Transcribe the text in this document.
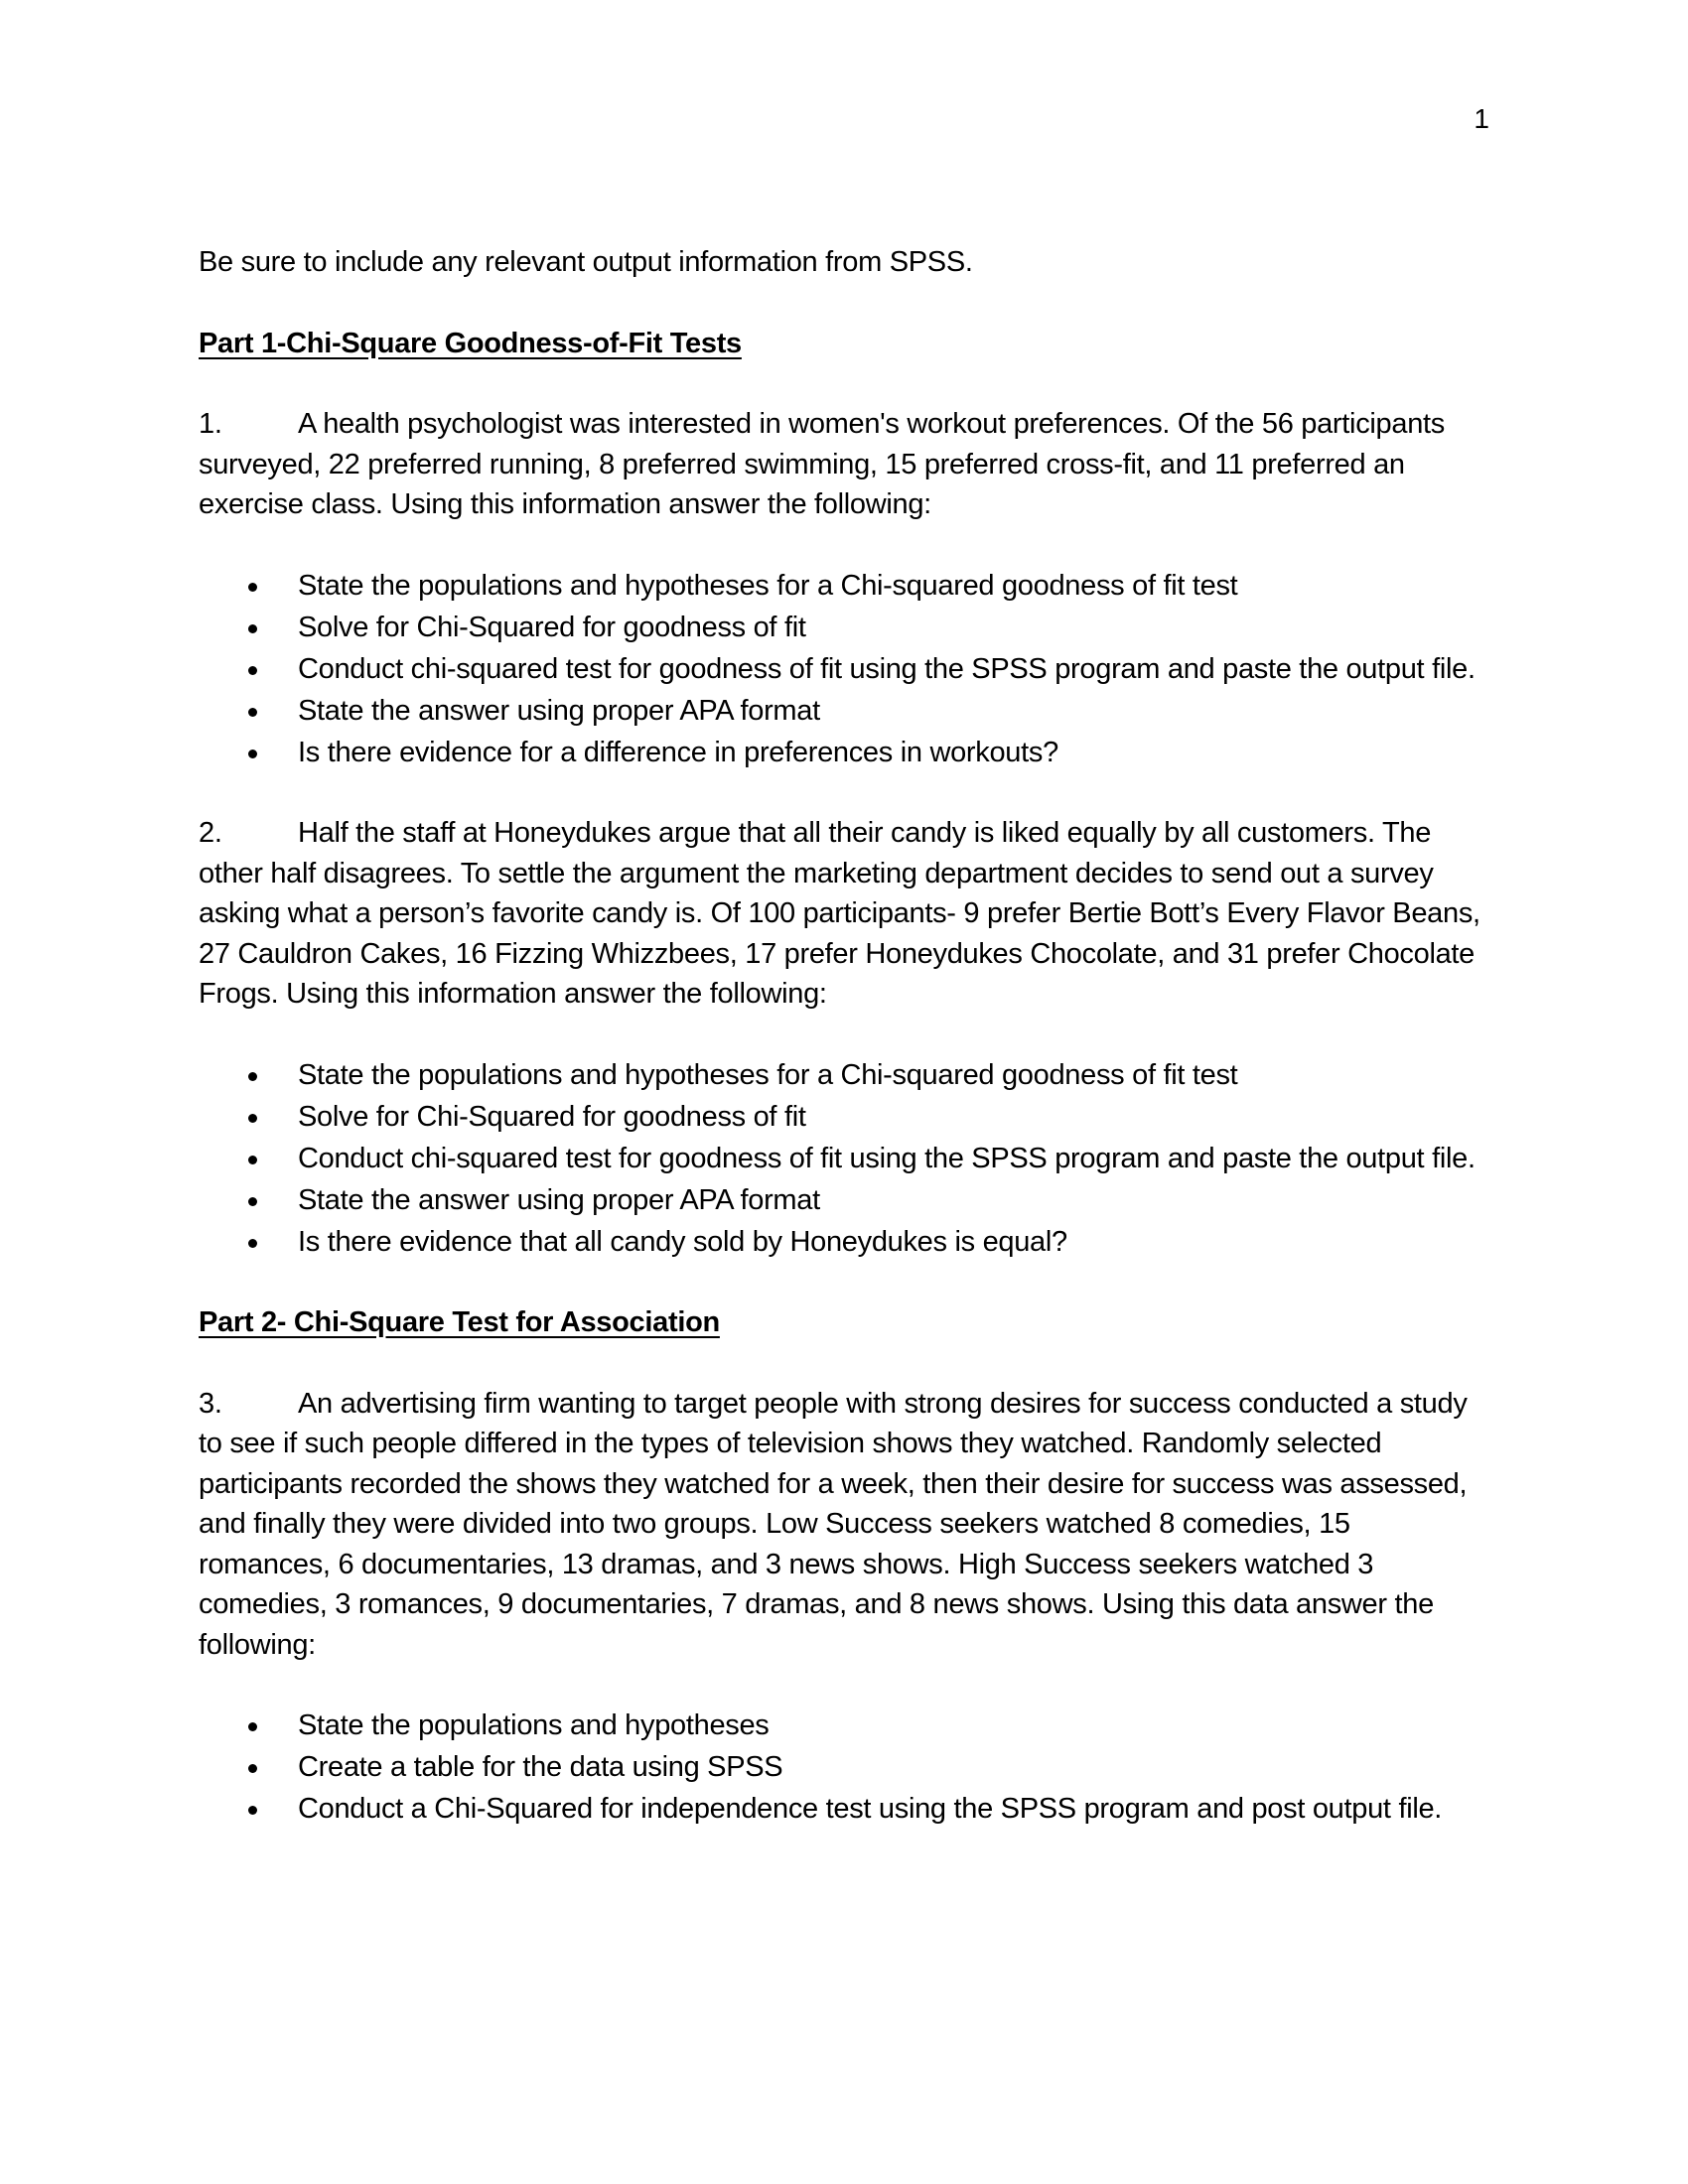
1

Be sure to include any relevant output information from SPSS.

Part 1-Chi-Square Goodness-of-Fit Tests

1.	A health psychologist was interested in women's workout preferences. Of the 56 participants surveyed, 22 preferred running, 8 preferred swimming, 15 preferred cross-fit, and 11 preferred an exercise class. Using this information answer the following:

State the populations and hypotheses for a Chi-squared goodness of fit test
Solve for Chi-Squared for goodness of fit
Conduct chi-squared test for goodness of fit using the SPSS program and paste the output file.
State the answer using proper APA format
Is there evidence for a difference in preferences in workouts?

2.	Half the staff at Honeydukes argue that all their candy is liked equally by all customers. The other half disagrees. To settle the argument the marketing department decides to send out a survey asking what a person’s favorite candy is. Of 100 participants- 9 prefer Bertie Bott’s Every Flavor Beans, 27 Cauldron Cakes, 16 Fizzing Whizzbees, 17 prefer Honeydukes Chocolate, and 31 prefer Chocolate Frogs. Using this information answer the following:

State the populations and hypotheses for a Chi-squared goodness of fit test
Solve for Chi-Squared for goodness of fit
Conduct chi-squared test for goodness of fit using the SPSS program and paste the output file.
State the answer using proper APA format
Is there evidence that all candy sold by Honeydukes is equal?

Part 2- Chi-Square Test for Association

3.	An advertising firm wanting to target people with strong desires for success conducted a study to see if such people differed in the types of television shows they watched. Randomly selected participants recorded the shows they watched for a week, then their desire for success was assessed, and finally they were divided into two groups. Low Success seekers watched 8 comedies, 15 romances, 6 documentaries, 13 dramas, and 3 news shows. High Success seekers watched 3 comedies, 3 romances, 9 documentaries, 7 dramas, and 8 news shows. Using this data answer the following:

State the populations and hypotheses
Create a table for the data using SPSS
Conduct a Chi-Squared for independence test using the SPSS program and post output file.
